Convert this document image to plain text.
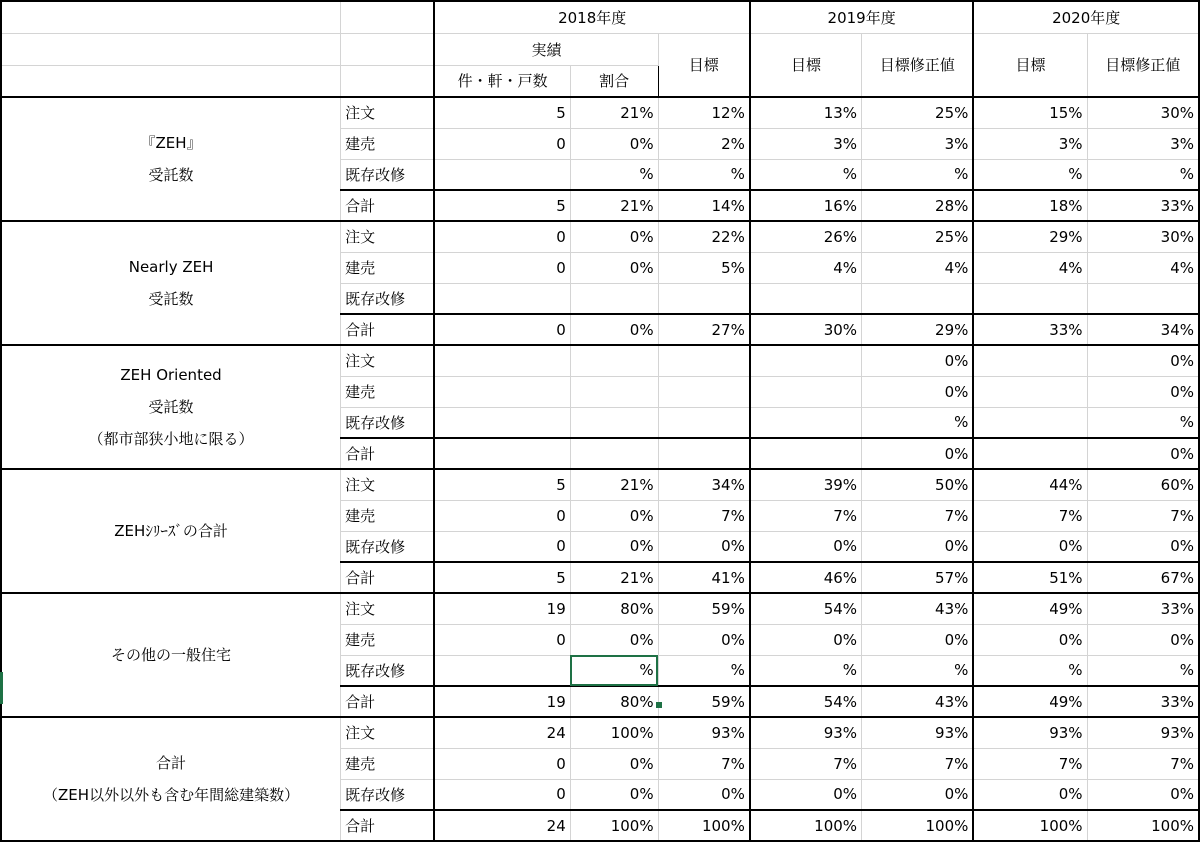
		2018年度			2019年度		2020年度	
		実績		目標	目標	目標修正値	目標	目標修正値
		件・軒・戸数	割合					

『ZEH』
受託数	注文	5	21%	12%	13%	25%	15%	30%
	建売	0	0%	2%	3%	3%	3%	3%
	既存改修		%	%	%	%	%	%
	合計	5	21%	14%	16%	28%	18%	33%

Nearly ZEH
受託数	注文	0	0%	22%	26%	25%	29%	30%
	建売	0	0%	5%	4%	4%	4%	4%
	既存改修							
	合計	0	0%	27%	30%	29%	33%	34%

ZEH Oriented
受託数
（都市部狭小地に限る）	注文					0%		0%
	建売					0%		0%
	既存改修					%		%
	合計					0%		0%

ZEHｼﾘｰｽﾞの合計	注文	5	21%	34%	39%	50%	44%	60%
	建売	0	0%	7%	7%	7%	7%	7%
	既存改修	0	0%	0%	0%	0%	0%	0%
	合計	5	21%	41%	46%	57%	51%	67%

その他の一般住宅	注文	19	80%	59%	54%	43%	49%	33%
	建売	0	0%	0%	0%	0%	0%	0%
	既存改修		%	%	%	%	%	%
	合計	19	80%	59%	54%	43%	49%	33%

合計
（ZEH以外以外も含む年間総建築数）	注文	24	100%	93%	93%	93%	93%	93%
	建売	0	0%	7%	7%	7%	7%	7%
	既存改修	0	0%	0%	0%	0%	0%	0%
	合計	24	100%	100%	100%	100%	100%	100%
